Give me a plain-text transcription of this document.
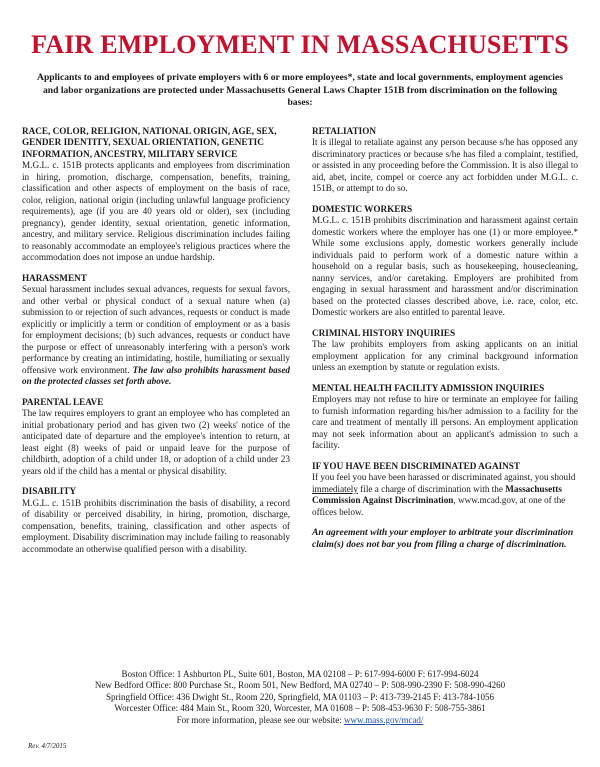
FAIR EMPLOYMENT IN MASSACHUSETTS

Applicants to and employees of private employers with 6 or more employees*, state and local governments, employment agencies and labor organizations are protected under Massachusetts General Laws Chapter 151B from discrimination on the following bases:

RACE, COLOR, RELIGION, NATIONAL ORIGIN, AGE, SEX, GENDER IDENTITY, SEXUAL ORIENTATION, GENETIC INFORMATION, ANCESTRY, MILITARY SERVICE

M.G.L. c. 151B protects applicants and employees from discrimination in hiring, promotion, discharge, compensation, benefits, training, classification and other aspects of employment on the basis of race, color, religion, national origin (including unlawful language proficiency requirements), age (if you are 40 years old or older), sex (including pregnancy), gender identity, sexual orientation, genetic information, ancestry, and military service. Religious discrimination includes failing to reasonably accommodate an employee's religious practices where the accommodation does not impose an undue hardship.

HARASSMENT

Sexual harassment includes sexual advances, requests for sexual favors, and other verbal or physical conduct of a sexual nature when (a) submission to or rejection of such advances, requests or conduct is made explicitly or implicitly a term or condition of employment or as a basis for employment decisions; (b) such advances, requests or conduct have the purpose or effect of unreasonably interfering with a person's work performance by creating an intimidating, hostile, humiliating or sexually offensive work environment. The law also prohibits harassment based on the protected classes set forth above.

PARENTAL LEAVE

The law requires employers to grant an employee who has completed an initial probationary period and has given two (2) weeks' notice of the anticipated date of departure and the employee's intention to return, at least eight (8) weeks of paid or unpaid leave for the purpose of childbirth, adoption of a child under 18, or adoption of a child under 23 years old if the child has a mental or physical disability.

DISABILITY

M.G.L. c. 151B prohibits discrimination the basis of disability, a record of disability or perceived disability, in hiring, promotion, discharge, compensation, benefits, training, classification and other aspects of employment. Disability discrimination may include failing to reasonably accommodate an otherwise qualified person with a disability.

RETALIATION

It is illegal to retaliate against any person because s/he has opposed any discriminatory practices or because s/he has filed a complaint, testified, or assisted in any proceeding before the Commission. It is also illegal to aid, abet, incite, compel or coerce any act forbidden under M.G.L. c. 151B, or attempt to do so.

DOMESTIC WORKERS

M.G.L. c. 151B prohibits discrimination and harassment against certain domestic workers where the employer has one (1) or more employee.* While some exclusions apply, domestic workers generally include individuals paid to perform work of a domestic nature within a household on a regular basis, such as housekeeping, housecleaning, nanny services, and/or caretaking. Employers are prohibited from engaging in sexual harassment and harassment and/or discrimination based on the protected classes described above, i.e. race, color, etc. Domestic workers are also entitled to parental leave.

CRIMINAL HISTORY INQUIRIES

The law prohibits employers from asking applicants on an initial employment application for any criminal background information unless an exemption by statute or regulation exists.

MENTAL HEALTH FACILITY ADMISSION INQUIRIES

Employers may not refuse to hire or terminate an employee for failing to furnish information regarding his/her admission to a facility for the care and treatment of mentally ill persons. An employment application may not seek information about an applicant's admission to such a facility.

IF YOU HAVE BEEN DISCRIMINATED AGAINST

If you feel you have been harassed or discriminated against, you should immediately file a charge of discrimination with the Massachusetts Commission Against Discrimination, www.mcad.gov, at one of the offices below.

An agreement with your employer to arbitrate your discrimination claim(s) does not bar you from filing a charge of discrimination.

Boston Office: 1 Ashburton PL, Suite 601, Boston, MA 02108 – P: 617-994-6000 F: 617-994-6024
New Bedford Office: 800 Purchase St., Room 501, New Bedford, MA 02740 – P: 508-990-2390 F: 508-990-4260
Springfield Office: 436 Dwight St., Room 220, Springfield, MA 01103 – P: 413-739-2145 F: 413-784-1056
Worcester Office: 484 Main St., Room 320, Worcester, MA 01608 – P: 508-453-9630 F: 508-755-3861
For more information, please see our website: www.mass.gov/mcad/
Rev. 4/7/2015
